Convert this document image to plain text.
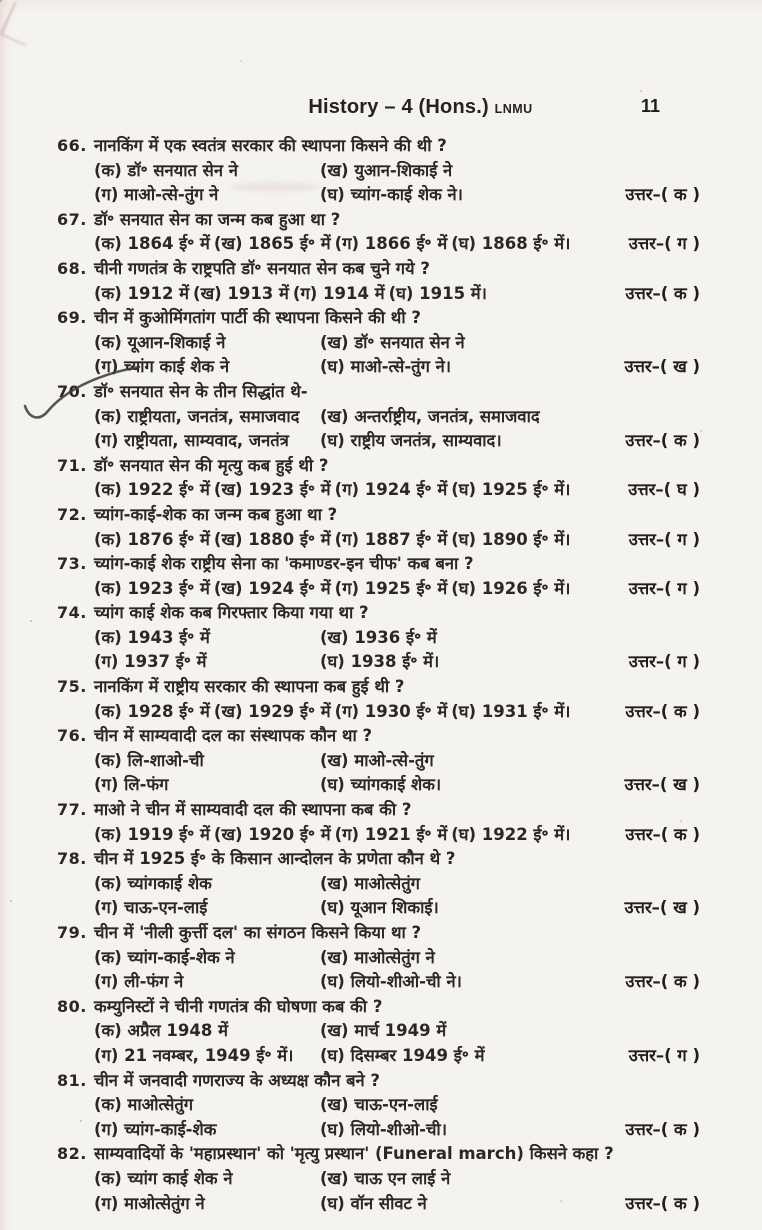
History – 4 (Hons.) LNMU	11
66. नानकिंग में एक स्वतंत्र सरकार की स्थापना किसने की थी ?
(क) डॉ॰ सनयात सेन ने	(ख) युआन-शिकाई ने
(ग) माओ-त्से-तुंग ने	(घ) च्यांग-काई शेक ने।	उत्तर–( क )
67. डॉ॰ सनयात सेन का जन्म कब हुआ था ?
(क) 1864 ई॰ में (ख) 1865 ई॰ में (ग) 1866 ई॰ में (घ) 1868 ई॰ में।	उत्तर–( ग )
68. चीनी गणतंत्र के राष्ट्रपति डॉ॰ सनयात सेन कब चुने गये ?
(क) 1912 में (ख) 1913 में (ग) 1914 में (घ) 1915 में।	उत्तर–( क )
69. चीन में कुओमिंगतांग पार्टी की स्थापना किसने की थी ?
(क) यूआन-शिकाई ने	(ख) डॉ॰ सनयात सेन ने
(ग) च्यांग काई शेक ने	(घ) माओ-त्से-तुंग ने।	उत्तर–( ख )
70. डॉ॰ सनयात सेन के तीन सिद्धांत थे-
(क) राष्ट्रीयता, जनतंत्र, समाजवाद	(ख) अन्तर्राष्ट्रीय, जनतंत्र, समाजवाद
(ग) राष्ट्रीयता, साम्यवाद, जनतंत्र	(घ) राष्ट्रीय जनतंत्र, साम्यवाद।	उत्तर–( क )
71. डॉ॰ सनयात सेन की मृत्यु कब हुई थी ?
(क) 1922 ई॰ में (ख) 1923 ई॰ में (ग) 1924 ई॰ में (घ) 1925 ई॰ में।	उत्तर–( घ )
72. च्यांग-काई-शेक का जन्म कब हुआ था ?
(क) 1876 ई॰ में (ख) 1880 ई॰ में (ग) 1887 ई॰ में (घ) 1890 ई॰ में।	उत्तर–( ग )
73. च्यांग-काई शेक राष्ट्रीय सेना का 'कमाण्डर-इन चीफ' कब बना ?
(क) 1923 ई॰ में (ख) 1924 ई॰ में (ग) 1925 ई॰ में (घ) 1926 ई॰ में।	उत्तर–( ग )
74. च्यांग काई शेक कब गिरफ्तार किया गया था ?
(क) 1943 ई॰ में	(ख) 1936 ई॰ में
(ग) 1937 ई॰ में	(घ) 1938 ई॰ में।	उत्तर–( ग )
75. नानकिंग में राष्ट्रीय सरकार की स्थापना कब हुई थी ?
(क) 1928 ई॰ में (ख) 1929 ई॰ में (ग) 1930 ई॰ में (घ) 1931 ई॰ में।	उत्तर–( क )
76. चीन में साम्यवादी दल का संस्थापक कौन था ?
(क) लि-शाओ-ची	(ख) माओ-त्से-तुंग
(ग) लि-फंग	(घ) च्यांगकाई शेक।	उत्तर–( ख )
77. माओ ने चीन में साम्यवादी दल की स्थापना कब की ?
(क) 1919 ई॰ में (ख) 1920 ई॰ में (ग) 1921 ई॰ में (घ) 1922 ई॰ में।	उत्तर–( क )
78. चीन में 1925 ई॰ के किसान आन्दोलन के प्रणेता कौन थे ?
(क) च्यांगकाई शेक	(ख) माओत्सेतुंग
(ग) चाऊ-एन-लाई	(घ) यूआन शिकाई।	उत्तर–( ख )
79. चीन में 'नीली कुर्त्ती दल' का संगठन किसने किया था ?
(क) च्यांग-काई-शेक ने	(ख) माओत्सेतुंग ने
(ग) ली-फंग ने	(घ) लियो-शीओ-ची ने।	उत्तर–( क )
80. कम्युनिस्टों ने चीनी गणतंत्र की घोषणा कब की ?
(क) अप्रैल 1948 में	(ख) मार्च 1949 में
(ग) 21 नवम्बर, 1949 ई॰ में।	(घ) दिसम्बर 1949 ई॰ में	उत्तर–( ग )
81. चीन में जनवादी गणराज्य के अध्यक्ष कौन बने ?
(क) माओत्सेतुंग	(ख) चाऊ-एन-लाई
(ग) च्यांग-काई-शेक	(घ) लियो-शीओ-ची।	उत्तर–( क )
82. साम्यवादियों के 'महाप्रस्थान' को 'मृत्यु प्रस्थान' (Funeral march) किसने कहा ?
(क) च्यांग काई शेक ने	(ख) चाऊ एन लाई ने
(ग) माओत्सेतुंग ने	(घ) वॉन सीवट ने	उत्तर–( क )
